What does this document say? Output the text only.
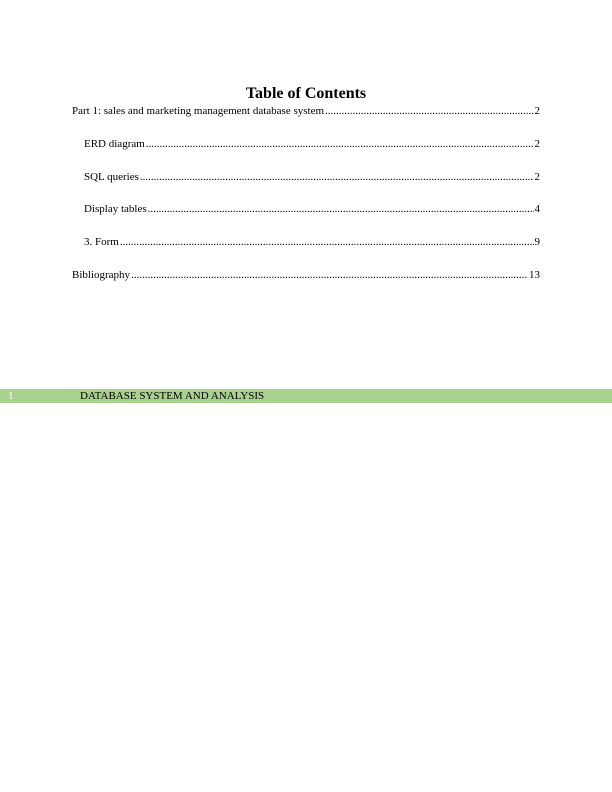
Table of Contents
Part 1: sales and marketing management database system .....	2
ERD diagram .....	2
SQL queries .....	2
Display tables .....	4
3. Form .....	9
Bibliography .....	13
1	DATABASE SYSTEM AND ANALYSIS
